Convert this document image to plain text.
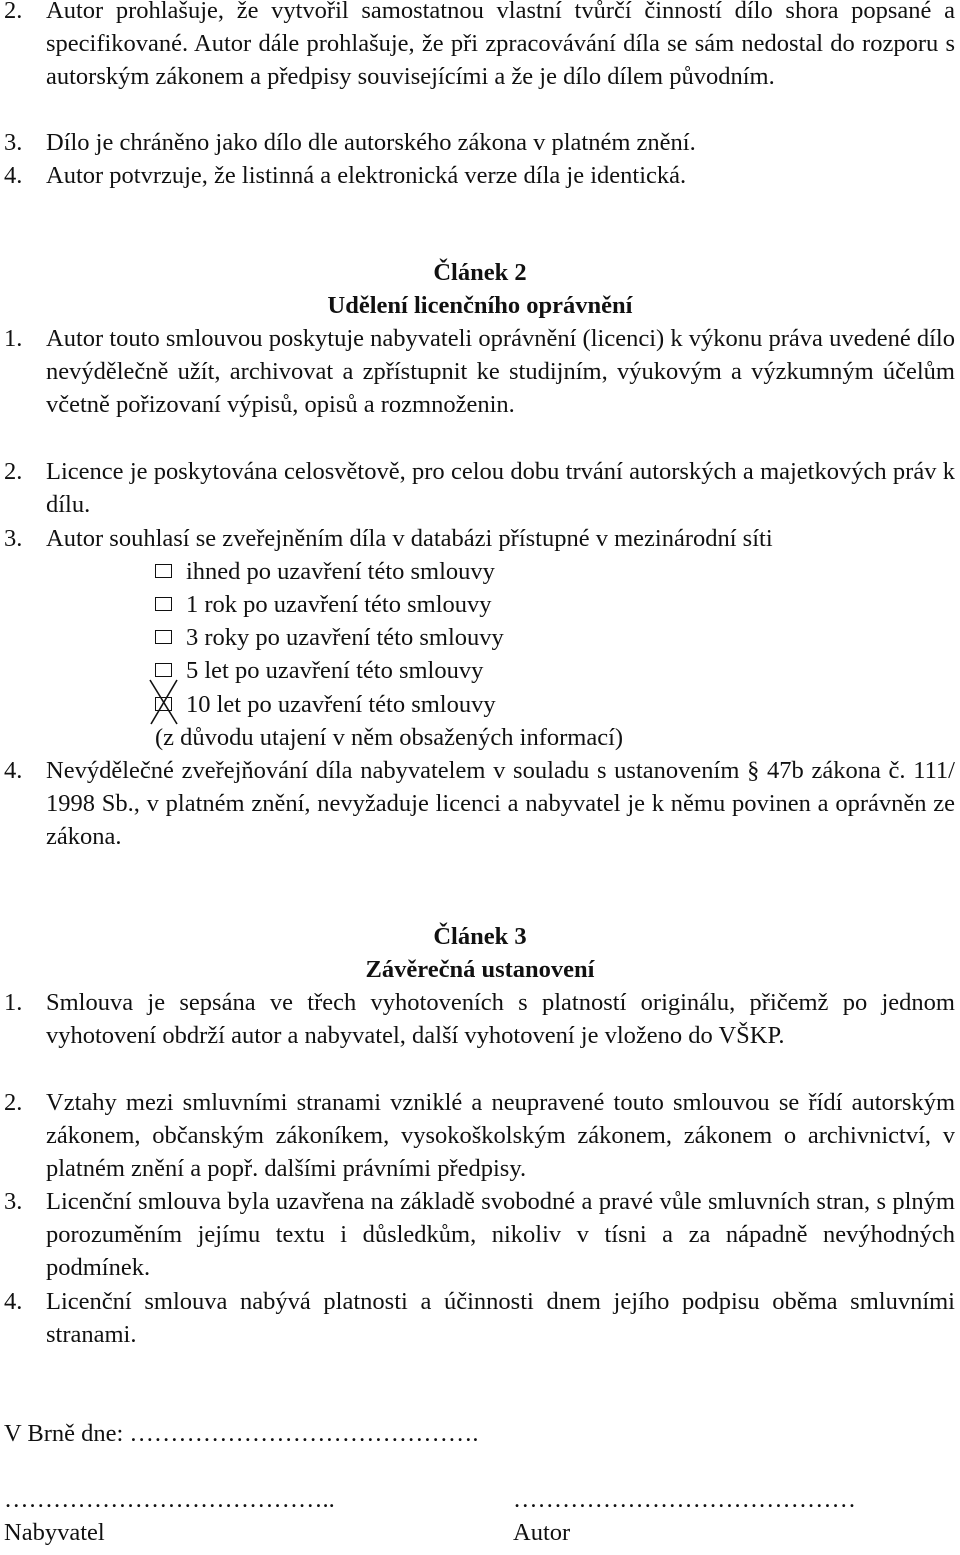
2. Autor prohlašuje, že vytvořil samostatnou vlastní tvůrčí činností dílo shora popsané a specifikované. Autor dále prohlašuje, že při zpracovávání díla se sám nedostal do rozporu s autorským zákonem a předpisy souvisejícími a že je dílo dílem původním.
3. Dílo je chráněno jako dílo dle autorského zákona v platném znění.
4. Autor potvrzuje, že listinná a elektronická verze díla je identická.
Článek 2
Udělení licenčního oprávnění
1. Autor touto smlouvou poskytuje nabyvateli oprávnění (licenci) k výkonu práva uvedené dílo nevýdělečně užít, archivovat a zpřístupnit ke studijním, výukovým a výzkumným účelům včetně pořizovaní výpisů, opisů a rozmnoženin.
2. Licence je poskytována celosvětově, pro celou dobu trvání autorských a majetkových práv k dílu.
3. Autor souhlasí se zveřejněním díla v databázi přístupné v mezinárodní síti
ihned po uzavření této smlouvy
1 rok po uzavření této smlouvy
3 roky po uzavření této smlouvy
5 let po uzavření této smlouvy
10 let po uzavření této smlouvy
(z důvodu utajení v něm obsažených informací)
4. Nevýdělečné zveřejňování díla nabyvatelem v souladu s ustanovením § 47b zákona č. 111/ 1998 Sb., v platném znění, nevyžaduje licenci a nabyvatel je k němu povinen a oprávněn ze zákona.
Článek 3
Závěrečná ustanovení
1. Smlouva je sepsána ve třech vyhotoveních s platností originálu, přičemž po jednom vyhotovení obdrží autor a nabyvatel, další vyhotovení je vloženo do VŠKP.
2. Vztahy mezi smluvními stranami vzniklé a neupravené touto smlouvou se řídí autorským zákonem, občanským zákoníkem, vysokoškolským zákonem, zákonem o archivnictví, v platném znění a popř. dalšími právními předpisy.
3. Licenční smlouva byla uzavřena na základě svobodné a pravé vůle smluvních stran, s plným porozuměním jejímu textu i důsledkům, nikoliv v tísni a za nápadně nevýhodných podmínek.
4. Licenční smlouva nabývá platnosti a účinnosti dnem jejího podpisu oběma smluvními stranami.
V Brně dne: …………………………………….
…………………………………..	……………………………………
Nabyvatel	Autor
